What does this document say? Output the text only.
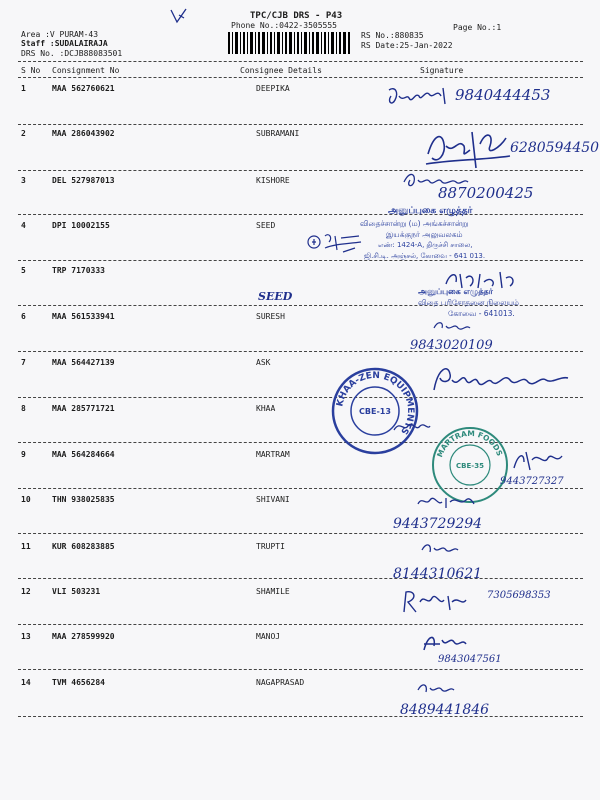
TPC/CJB DRS - P43
Phone No.:0422-3505555	Page No.:1
Area :V PURAM-43
Staff :SUDALAIRAJA
DRS No. :DCJB88083501
RS No.:880835
RS Date:25-Jan-2022
S No Consignment No	Consignee Details	Signature
1	MAA 562760621	DEEPIKA
2	MAA 286043902	SUBRAMANI
3	DEL 527987013	KISHORE
4	DPI 10002155	SEED
5	TRP 7170333
6	MAA 561533941	SURESH
7	MAA 564427139	ASK
8	MAA 285771721	KHAA
9	MAA 564284664	MARTRAM
10	THN 938025835	SHIVANI
11	KUR 608283885	TRUPTI
12	VLI 503231	SHAMILE
13	MAA 278599920	MANOJ
14	TVM 4656284	NAGAPRASAD
9840444453
6280594450
8870200425
அனுப்புகை எழுத்தர்
விதைச்சான்று (ம) அங்கச்சான்று
இயக்குநர் அலுவலகம்
எண்: 1424-A, திருச்சி சாலை,
ஜி.சி.டி. அஞ்சல், கோவை - 641 013.
SEED	அனுப்புகை எழுத்தர்
விதை பரிசோதனை நிலையம்
கோவை - 641013.
9843020109
KHAA-ZEN EQUIPMENTS
CBE-13
MARTRAM FOODS
CBE-35
9443727327
9443729294
8144310621
7305698353
9843047561
8489441846
